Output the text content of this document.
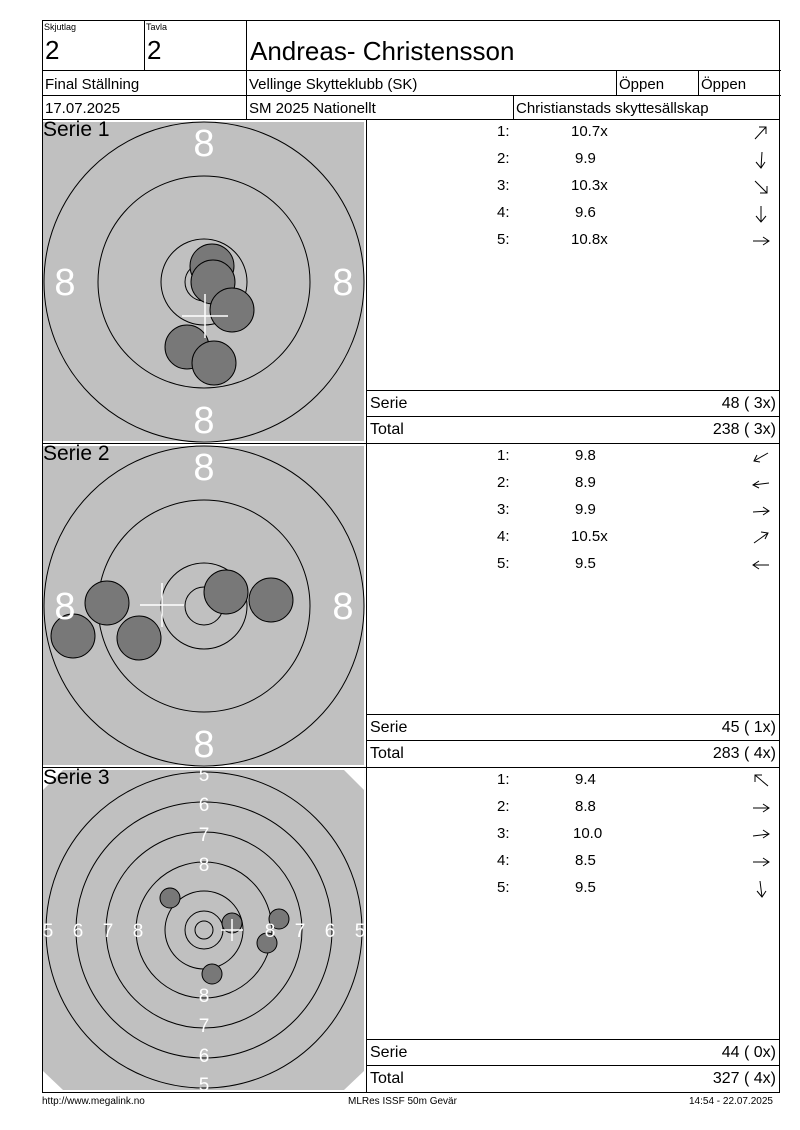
Skjutlag
2
Tavla
2	Andreas- Christensson
Final Ställning	Vellinge Skytteklubb (SK)	Öppen Öppen
17.07.2025	SM 2025 Nationellt	Christianstads skyttesällskap
8
8
8	8
Serie 1	1:	10.7x
2:	9.9
3:	10.3x
4:	9.6
5:	10.8x
Serie	48 ( 3x)
Total	238 ( 3x)
8
8
8	8
Serie 2	1:	9.8
2:	8.9
3:	9.9
4:	10.5x
5:	9.5
Serie	45 ( 1x)
Total	283 ( 4x)
5
6
7
8
8
7
6
5
5 6 7 8	8 7 6 5
Serie 3	1:	9.4
2:	8.8
3:	10.0
4:	8.5
5:	9.5
Serie	44 ( 0x)
Total	327 ( 4x)
http://www.megalink.no	MLRes ISSF 50m Gevär	14:54 - 22.07.2025
